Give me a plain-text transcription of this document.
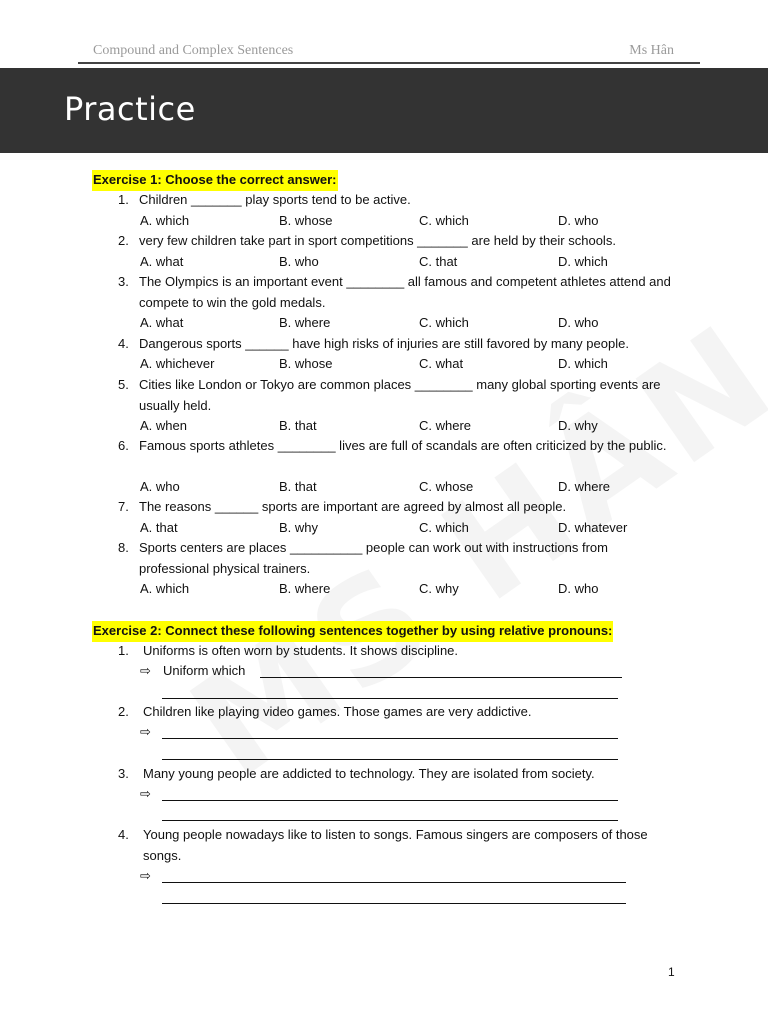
Compound and Complex Sentences	Ms Hân
Practice
Exercise 1: Choose the correct answer:
1. Children _______ play sports tend to be active.
A. which	B. whose	C. which	D. who
2. very few children take part in sport competitions _______ are held by their schools.
A. what	B. who	C. that	D. which
3. The Olympics is an important event ________ all famous and competent athletes attend and compete to win the gold medals.
A. what	B. where	C. which	D. who
4. Dangerous sports ______ have high risks of injuries are still favored by many people.
A. whichever	B. whose	C. what	D. which
5. Cities like London or Tokyo are common places ________ many global sporting events are usually held.
A. when	B. that	C. where	D. why
6. Famous sports athletes ________ lives are full of scandals are often criticized by the public.
A. who	B. that	C. whose	D. where
7. The reasons ______ sports are important are agreed by almost all people.
A. that	B. why	C. which	D. whatever
8. Sports centers are places __________ people can work out with instructions from professional physical trainers.
A. which	B. where	C. why	D. who
Exercise 2: Connect these following sentences together by using relative pronouns:
1. Uniforms is often worn by students. It shows discipline.
⇨ Uniform which
2. Children like playing video games. Those games are very addictive.
⇨
3. Many young people are addicted to technology. They are isolated from society.
⇨
4. Young people nowadays like to listen to songs. Famous singers are composers of those songs.
⇨
1
